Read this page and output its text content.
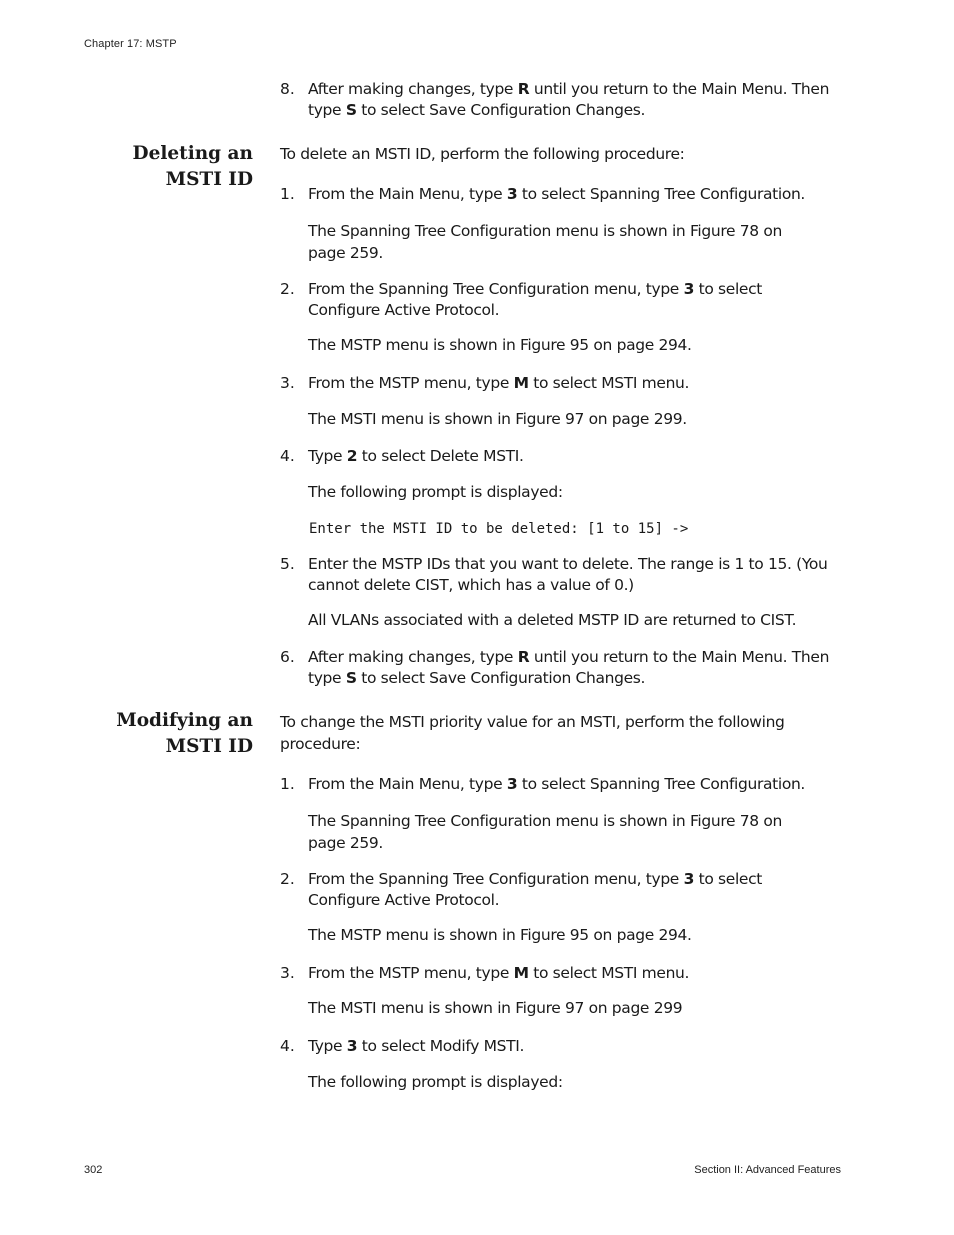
Chapter 17: MSTP
8. After making changes, type R until you return to the Main Menu. Then
type S to select Save Configuration Changes.
Deleting an
MSTI ID
To delete an MSTI ID, perform the following procedure:
1. From the Main Menu, type 3 to select Spanning Tree Configuration.
The Spanning Tree Configuration menu is shown in Figure 78 on
page 259.
2. From the Spanning Tree Configuration menu, type 3 to select
Configure Active Protocol.
The MSTP menu is shown in Figure 95 on page 294.
3. From the MSTP menu, type M to select MSTI menu.
The MSTI menu is shown in Figure 97 on page 299.
4. Type 2 to select Delete MSTI.
The following prompt is displayed:
Enter the MSTI ID to be deleted: [1 to 15] ->
5. Enter the MSTP IDs that you want to delete. The range is 1 to 15. (You
cannot delete CIST, which has a value of 0.)
All VLANs associated with a deleted MSTP ID are returned to CIST.
6. After making changes, type R until you return to the Main Menu. Then
type S to select Save Configuration Changes.
Modifying an
MSTI ID
To change the MSTI priority value for an MSTI, perform the following
procedure:
1. From the Main Menu, type 3 to select Spanning Tree Configuration.
The Spanning Tree Configuration menu is shown in Figure 78 on
page 259.
2. From the Spanning Tree Configuration menu, type 3 to select
Configure Active Protocol.
The MSTP menu is shown in Figure 95 on page 294.
3. From the MSTP menu, type M to select MSTI menu.
The MSTI menu is shown in Figure 97 on page 299
4. Type 3 to select Modify MSTI.
The following prompt is displayed:
302	Section II: Advanced Features
